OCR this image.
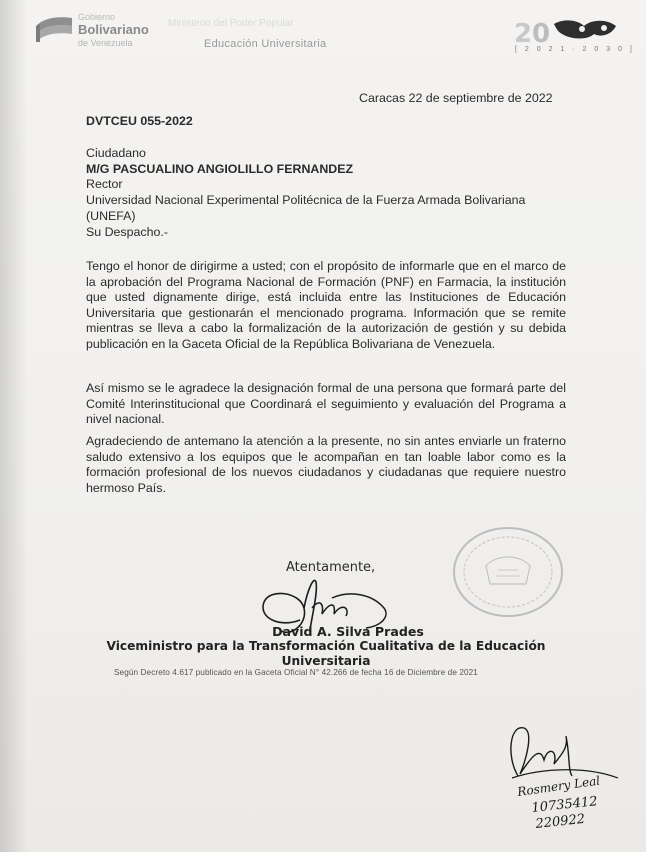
Gobierno
Bolivariano
de Venezuela
Ministerio del Poder Popular
Educación Universitaria	2 0
[ 2 0 2 1 · 2 0 3 0 ]
Caracas 22 de septiembre de 2022
DVTCEU 055-2022
Ciudadano
M/G PASCUALINO ANGIOLILLO FERNANDEZ
Rector
Universidad Nacional Experimental Politécnica de la Fuerza Armada Bolivariana (UNEFA)
Su Despacho.-
Tengo el honor de dirigirme a usted; con el propósito de informarle que en el marco de la aprobación del Programa Nacional de Formación (PNF) en Farmacia, la institución que usted dignamente dirige, está incluida entre las Instituciones de Educación Universitaria que gestionarán el mencionado programa. Información que se remite mientras se lleva a cabo la formalización de la autorización de gestión y su debida publicación en la Gaceta Oficial de la República Bolivariana de Venezuela.
Así mismo se le agradece la designación formal de una persona que formará parte del Comité Interinstitucional que Coordinará el seguimiento y evaluación del Programa a nivel nacional.
Agradeciendo de antemano la atención a la presente, no sin antes enviarle un fraterno saludo extensivo a los equipos que le acompañan en tan loable labor como es la formación profesional de los nuevos ciudadanos y ciudadanas que requiere nuestro hermoso País.
Atentamente,
David A. Silva Prades
Viceministro para la Transformación Cualitativa de la Educación Universitaria
Según Decreto 4.617 publicado en la Gaceta Oficial N° 42.266 de fecha 16 de Diciembre de 2021
Rosmery Leal
10735412
220922
